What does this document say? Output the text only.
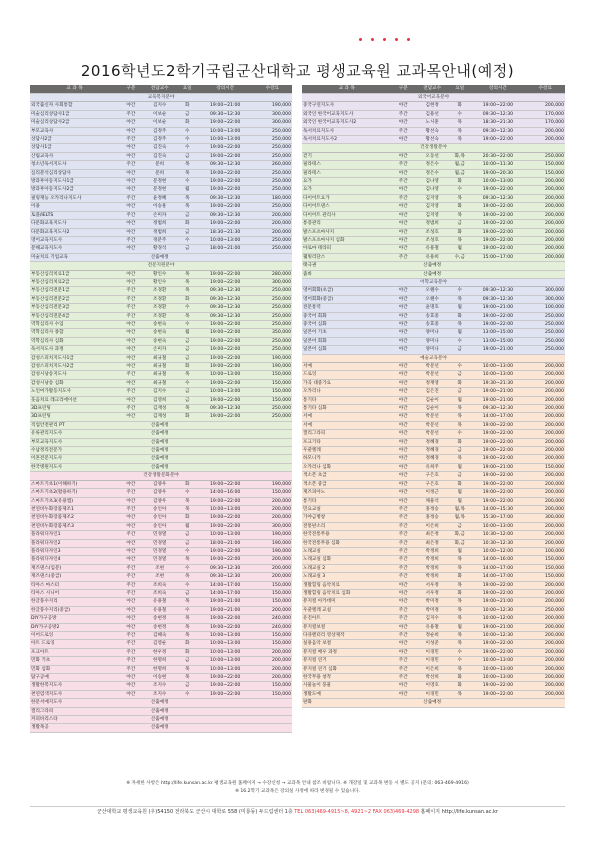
2016학년도2학기국립군산대학교 평생교육원 교과목안내(예정)
교 과 목	구분	전담교수	요일	강의시간	수강료
교육복지분야					
외국출신자 사회통합	야간	김지수	화	19:00~21:00	190,000
미술심리상담사1급	주간	이보순	금	09:30~12:30	300,000
미술심리상담사2급	야간	이보순	화	19:00~22:00	300,000
부모교육사	야간	김정주	수	10:00~13:00	250,000
상담사2급	주간	김정주	수	10:00~13:00	250,000
상담사1급	야간	김진숙	수	19:00~22:00	250,000
산림교육사	야간	김진숙	금	19:00~22:00	250,000
청소년독서지도사	주간	문희	목	09:30~12:30	260,000
심리분석심리상담사	야간	문희	목	19:00~22:00	250,000
방과후아동지도사1급	야간	문정현	수	19:00~22:00	250,000
방과후아동지도사2급	야간	문정현	월	19:00~22:00	250,000
필링재능 오카리나지도사	주간	윤정혜	목	09:30~12:30	180,000
이용	야간	이승훈	목	19:00~22:00	250,000
토플/IELTS	주간	손미자	금	09:30~12:30	200,000
다문화교육지도사	야간	정범희	화	19:00~22:00	200,000
다문화교육지도사2	야간	정범희	금	18:30~21:30	200,000
영어교육지도사	주간	정분주	수	10:00~13:00	250,000
문해교육지도사	야간	황경석	금	18:00~21:00	250,000
미술치료 기업교육		산출예정			
전문지원분야					
부동산심리치료1급	야간	황인수	목	19:00~22:00	280,000
부동산심리치료2급	야간	황인수	목	19:00~22:00	300,000
부동산심리전문1급	주간	조경환	목	09:30~12:30	250,000
부동산심리전문2급	주간	조경환	화	09:30~12:30	250,000
부동산심리전문3급	주간	조경환	수	09:30~12:30	250,000
부동산심리전문4급	주간	조경환	목	09:30~12:30	250,000
역학심리사 수업	야간	송현숙	수	19:00~22:00	250,000
역학심리사 종합	야간	송현숙	월	19:00~22:00	350,000
역학심리사 심화	야간	송현숙	금	19:00~22:00	250,000
독서지도사 과정	야간	손미자	금	19:00~22:00	250,000
감성스피치지도사1급	야간	최규철	금	19:00~22:00	190,000
감성스피치지도사2급	야간	최규철	화	19:00~22:00	190,000
감성시낭송지도사	주간	최규철	목	10:00~13:00	150,000
감성시낭송 심화	야간	최규철	수	19:00~22:00	150,000
노인여가활동지도사	주간	김지수	금	10:00~13:00	150,000
웃음치료 레크리에이션	야간	김영희	금	19:00~22:00	150,000
3D프린팅	주간	김재성	목	09:30~12:30	250,000
3D프린팅	야간	김재성	화	19:00~22:00	250,000
직업안전관리 PT		산출예정			
유류관리지도사		산출예정			
부모교육지도사		산출예정			
수납정리전문가		산출예정			
이혼전문지도사		산출예정			
한국병원지도사		산출예정			
건강생활문화분야					
스마트기초1(이해하기)	야간	김양우	화	19:00~22:00	190,000
스마트기초2(활용하기)	주간	김양우	수	14:00~16:00	150,000
스마트기초3(유용앱)	야간	김양우	목	19:00~22:00	200,000
천연비누화장품제조1	주간	송인아	목	10:00~13:00	200,000
천연비누화장품제조2	야간	송인아	화	19:00~22:00	200,000
천연비누화장품제조3	야간	송인아	월	19:00~22:00	300,000
플라워디자인1	주간	민경열	금	10:00~13:00	190,000
플라워디자인2	야간	민경열	금	18:00~21:00	190,000
플라워디자인3	야간	민경열	수	19:00~22:00	190,000
플라워디자인4	야간	민경열	목	19:00~22:00	200,000
재즈댄스(입문)	주간	조현	수	09:30~12:30	200,000
재즈댄스(중급)	주간	조현	목	09:30~12:30	200,000
티아스 마스터	주간	조희숙	수	14:00~17:00	150,000
티아스 시니어	주간	조희숙	금	14:00~17:00	150,000
한글풍수지리	야간	유용철	목	19:00~21:00	150,000
한글풍수지리(중급)	야간	유용철	수	19:00~21:00	200,000
DIY가구공방	야간	송현정	목	19:00~22:00	240,000
DIY가구공방2	야간	송현정	목	19:00~22:00	240,000
이어드로잉	주간	김혜숙	목	10:00~13:00	150,000
아트 드로잉	주간	김영순	화	10:00~13:00	150,000
포크아트	주간	한우정	화	10:00~13:00	200,000
민화 기초	주간	한명희	금	10:00~13:00	200,000
민화 심화	주간	한명희	목	10:00~13:00	200,000
탐구공예	야간	이승현	목	19:00~22:00	200,000
생활한복지도사	야간	조지수	금	19:00~22:00	150,000
천연염색지도사	야간	조지수	수	19:00~22:00	150,000
한문서예지도사		산출예정			
캘리그라피		산출예정			
커피바리스타		산출예정			
생활목공		산출예정			
교 과 목	구분	전담교수	요일	강의시간	수강료
외국어교육분야					
중국구연지도사	야간	김현정	화	19:00~22:00	200,000
외국인 한국어교육지도사	주간	김용선	수	09:30~12:30	170,000
외국인 한국어교육지도사2	야간	노시훈	목	18:30~21:30	170,000
독서치료지도사	주간	황선숙	목	09:30~12:30	200,000
독서치료지도사2	야간	황선숙	목	19:00~22:00	200,000
건강생활분야					
걷기	야간	오동선	화,목	20:30~22:00	250,000
필라테스	주간	정은수	월,금	10:00~11:30	150,000
필라테스	야간	정은수	월,금	19:00~20:30	150,000
요가	주간	김나영	화	10:00~13:00	200,000
요가	야간	김나영	수	19:00~22:00	200,000
다이어트요가	주간	김지영	목	09:30~12:30	200,000
다이어트댄스	야간	김지영	화	19:00~22:00	200,000
다이어트 관리사	야간	김지영	목	19:00~22:00	200,000
통증관리	야간	정범희	금	19:00~22:00	200,000
발스포츠마사지	야간	조성호	화	19:00~22:00	200,000
발스포츠마사지 심화	야간	조성호	목	19:00~22:00	200,000
아로마 테라피	야간	유용철	월	19:00~22:00	200,000
웰빙리단스	주간	유용희	수,금	15:00~17:00	200,000
태극권		산출예정			
줌바		산출예정			
어학교육분야					
영어회화(초급)	야간	오웬수	수	09:30~12:30	300,000
영어회화(중급)	야간	오웬수	목	09:30~12:30	300,000
전문통역	야간	윤명호	월	19:00~21:00	100,000
중국어 회화	야간	송효중	화	19:00~22:00	250,000
중국어 심화	야간	송효중	목	19:00~22:00	250,000
일본어 기초	야간	양미나	월	13:00~15:00	250,000
일본어 회화	야간	양미나	수	13:00~15:00	250,000
일본어 심화	야간	양미나	금	19:00~21:00	250,000
예술교육분야					
서예	야간	박문선	수	10:00~13:00	200,000
드로잉	야간	박문선	금	10:00~13:00	200,000
가곡 대중가요	야간	정재영	화	19:30~21:30	200,000
오카리나	야간	김은진	금	19:00~21:00	200,000
통기타	야간	김순이	월	19:00~21:00	200,000
통기타 심화	야간	김순이	목	09:30~12:30	200,000
서예	야간	박문선	목	14:00~17:00	200,000
서예	야간	박문선	목	19:00~22:00	200,000
캘리그라피	야간	박문선	수	19:00~22:00	200,000
포크기타	야간	정혜경	화	19:00~22:00	200,000
우쿨렐레	야간	정혜경	금	19:00~22:00	200,000
하모니카	야간	정혜경	목	19:00~22:00	200,000
오카리나 심화	야간	유희주	월	19:00~21:00	150,000
색소폰 초급	야간	구은호	금	19:00~22:00	200,000
색소폰 중급	야간	구은호	화	19:00~22:00	200,000
재즈피아노	야간	이정근	월	19:00~22:00	200,000
통기타	야간	채용석	월	19:00~22:00	200,000
민요교실	주간	홍정승	월,목	14:00~15:30	200,000
가야금병창	주간	홍정승	월,목	15:30~17:00	300,000
전통판소리	주간	이은희	금	10:00~13:00	200,000
한국전통무용	주간	최은정	화,금	10:30~12:00	200,000
한국전통무용 심화	주간	최은정	화,금	10:30~12:30	200,000
노래교실	주간	박정희	월	10:00~12:00	100,000
노래교실 심화	주간	박정희	목	14:00~16:00	150,000
노래교실 2	주간	박정희	목	14:00~17:00	150,000
노래교실 3	주간	박정희	화	14:00~17:00	150,000
생활힐링 음악치료	야간	서우정	목	19:00~22:00	200,000
생활힐링 음악치료 심화	야간	서우정	화	19:00~22:00	200,000
뮤지컬 아카데미	야간	박미정	목	19:00~21:00	200,000
우쿨렐레 교실	주간	박미정	목	10:00~12:30	250,000
유진아트	주간	김지수	목	10:00~12:00	200,000
뮤지컬보컬	야간	유용철	월	19:00~21:00	200,000
다큐멘터리 영상제작	주간	정순희	목	10:00~12:30	200,000
실용음악 보컬	야간	이성준	목	19:00~22:00	200,000
뮤지컬 배우 과정	야간	이경민	수	19:00~22:00	200,000
뮤지컬 연기	주간	이경민	수	10:00~13:00	200,000
뮤지컬 연기 심화	주간	이은희	목	10:00~13:00	200,000
한국무용 창작	주간	박선희	화	10:00~13:00	200,000
사물놀이 풍물	야간	이영호	화	19:00~22:00	200,000
생활도예	야간	이경민	목	19:00~22:00	200,000
판화		산출예정			
※ 자세한 사항은 http://life.kunsan.ac.kr 평생교육원 홈페이지 → 수강신청 → 교과목 안내 참조 바랍니다. ※ 개강일 및 교과목 변동 시 별도 공지 (문의: 063-469-4916)
※ 16.2학기 교과목은 강의실 사정에 따라 변경될 수 있습니다.
군산대학교 평생교육원 (우)54150 전라북도 군산시 대학로 558 (미룡동) 두드림센터 1층 TEL 063)469-4915~8, 4921~2 FAX 063)469-4298 홈페이지 http://life.kunsan.ac.kr
